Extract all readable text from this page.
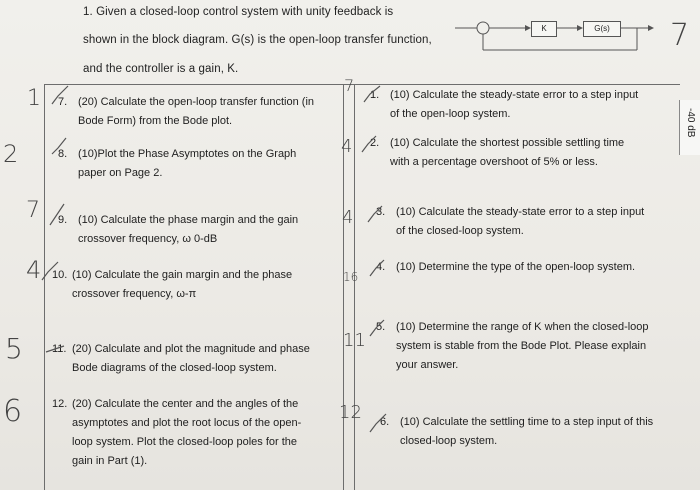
1. Given a closed-loop control system with unity feedback is
shown in the block diagram. G(s) is the open-loop transfer function,
and the controller is a gain, K.
K	G(s)	7
-40 dB
7. (20) Calculate the open-loop transfer function (in
Bode Form) from the Bode plot.
8. (10)Plot the Phase Asymptotes on the Graph
paper on Page 2.
9. (10) Calculate the phase margin and the gain
crossover frequency, ω 0-dB
10. (10) Calculate the gain margin and the phase
crossover frequency, ω-π
11. (20) Calculate and plot the magnitude and phase
Bode diagrams of the closed-loop system.
12. (20) Calculate the center and the angles of the
asymptotes and plot the root locus of the open-
loop system. Plot the closed-loop poles for the
gain in Part (1).
1. (10) Calculate the steady-state error to a step input
of the open-loop system.
2. (10) Calculate the shortest possible settling time
with a percentage overshoot of 5% or less.
3. (10) Calculate the steady-state error to a step input
of the closed-loop system.
4. (10) Determine the type of the open-loop system.
5. (10) Determine the range of K when the closed-loop
system is stable from the Bode Plot. Please explain
your answer.
6. (10) Calculate the settling time to a step input of this
closed-loop system.
1
2
7
4
5
6
7
4
4
16
11
12
